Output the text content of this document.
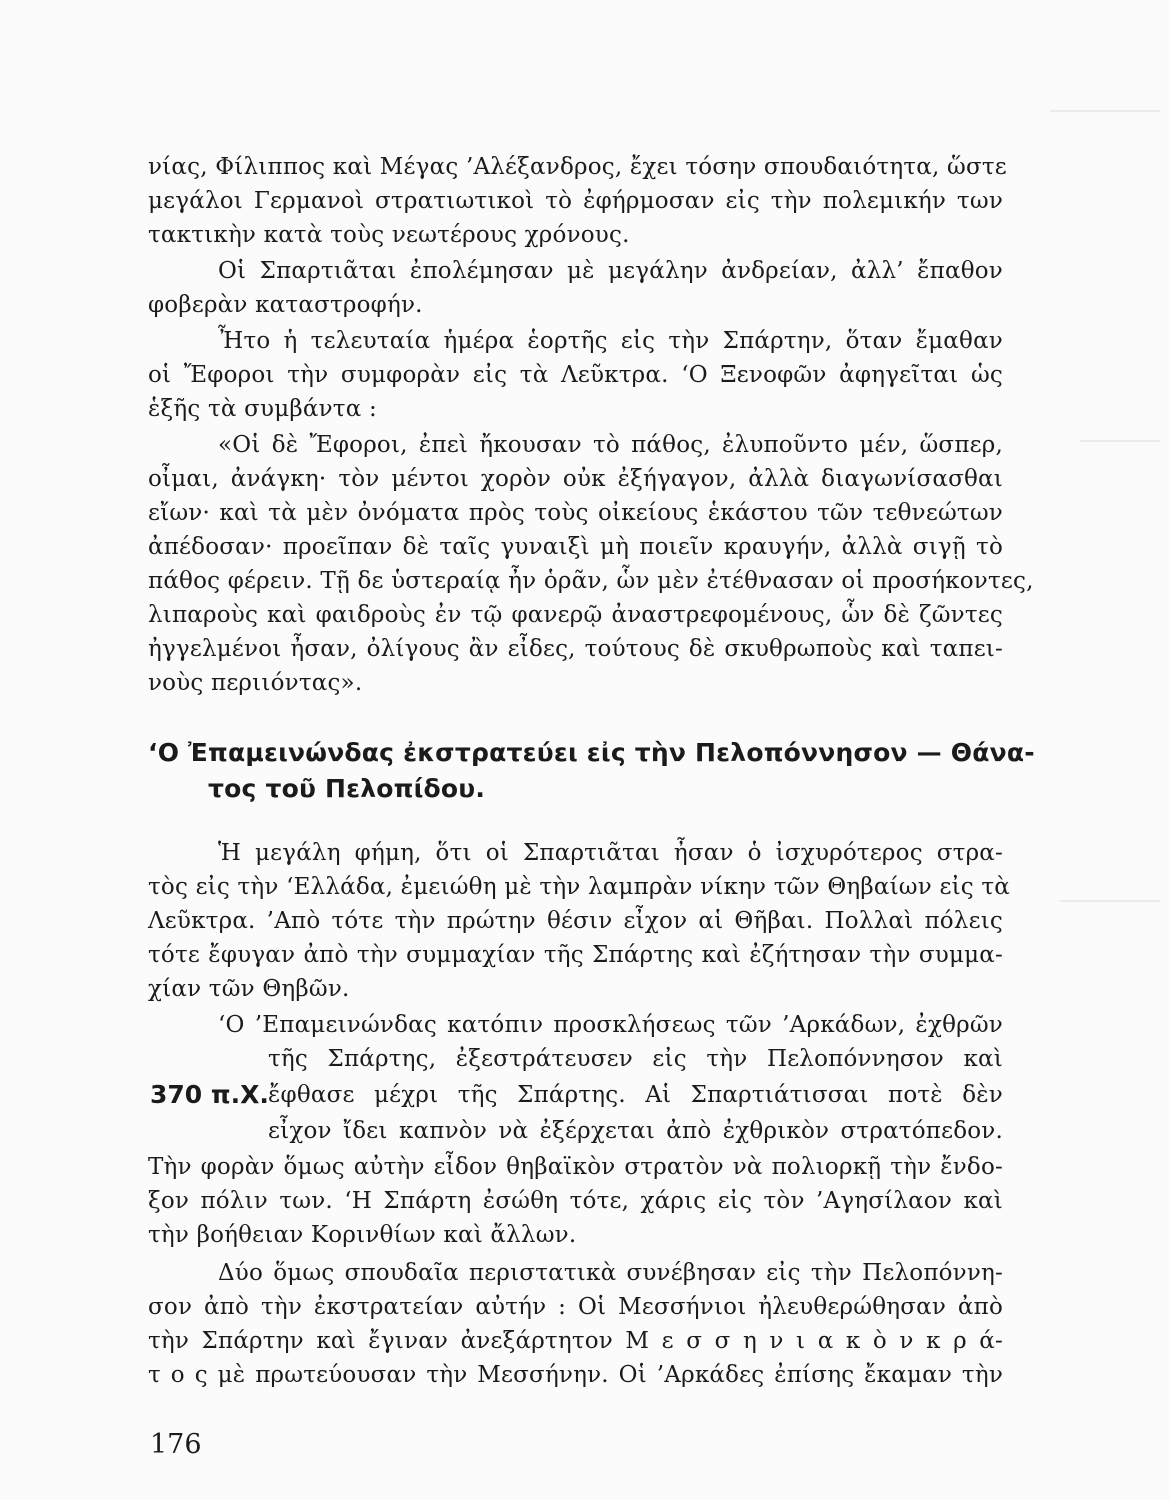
νίας, Φίλιππος καὶ Μέγας ’Αλέξανδρος, ἔχει τόσην σπουδαιότητα, ὥστε
μεγάλοι Γερμανοὶ στρατιωτικοὶ τὸ ἐφήρμοσαν εἰς τὴν πολεμικήν των
τακτικὴν κατὰ τοὺς νεωτέρους χρόνους.
Οἱ Σπαρτιᾶται ἐπολέμησαν μὲ μεγάλην ἀνδρείαν, ἀλλ’ ἔπαθον
φοβερὰν καταστροφήν.
Ἦτο ἡ τελευταία ἡμέρα ἑορτῆς εἰς τὴν Σπάρτην, ὅταν ἔμαθαν
οἱ Ἔφοροι τὴν συμφορὰν εἰς τὰ Λεῦκτρα. ‘Ο Ξενοφῶν ἀφηγεῖται ὡς
ἑξῆς τὰ συμβάντα :
«Οἱ δὲ Ἔφοροι, ἐπεὶ ἤκουσαν τὸ πάθος, ἐλυποῦντο μέν, ὥσπερ,
οἶμαι, ἀνάγκη· τὸν μέντοι χορὸν οὐκ ἐξήγαγον, ἀλλὰ διαγωνίσασθαι
εἴων· καὶ τὰ μὲν ὀνόματα πρὸς τοὺς οἰκείους ἑκάστου τῶν τεθνεώτων
ἀπέδοσαν· προεῖπαν δὲ ταῖς γυναιξὶ μὴ ποιεῖν κραυγήν, ἀλλὰ σιγῇ τὸ
πάθος φέρειν. Τῇ δε ὑστεραίᾳ ἦν ὁρᾶν, ὧν μὲν ἐτέθνασαν οἱ προσήκοντες,
λιπαροὺς καὶ φαιδροὺς ἐν τῷ φανερῷ ἀναστρεφομένους, ὧν δὲ ζῶντες
ἠγγελμένοι ἦσαν, ὀλίγους ἂν εἶδες, τούτους δὲ σκυθρωποὺς καὶ ταπει-
νοὺς περιιόντας».
‘Ο Ἐπαμεινώνδας ἐκστρατεύει εἰς τὴν Πελοπόννησον — Θάνα-
τος τοῦ Πελοπίδου.
Ἡ μεγάλη φήμη, ὅτι οἱ Σπαρτιᾶται ἦσαν ὁ ἰσχυρότερος στρα-
τὸς εἰς τὴν ‘Ελλάδα, ἐμειώθη μὲ τὴν λαμπρὰν νίκην τῶν Θηβαίων εἰς τὰ
Λεῦκτρα. ’Απὸ τότε τὴν πρώτην θέσιν εἶχον αἱ Θῆβαι. Πολλαὶ πόλεις
τότε ἔφυγαν ἀπὸ τὴν συμμαχίαν τῆς Σπάρτης καὶ ἐζήτησαν τὴν συμμα-
χίαν τῶν Θηβῶν.
‘Ο ’Επαμεινώνδας κατόπιν προσκλήσεως τῶν ’Αρκάδων, ἐχθρῶν
τῆς Σπάρτης, ἐξεστράτευσεν εἰς τὴν Πελοπόννησον καὶ
370 π.Χ. ἔφθασε μέχρι τῆς Σπάρτης. Αἱ Σπαρτιάτισσαι ποτὲ δὲν
εἶχον ἴδει καπνὸν νὰ ἐξέρχεται ἀπὸ ἐχθρικὸν στρατόπεδον.
Τὴν φορὰν ὅμως αὐτὴν εἶδον θηβαϊκὸν στρατὸν νὰ πολιορκῇ τὴν ἔνδο-
ξον πόλιν των. ‘Η Σπάρτη ἐσώθη τότε, χάρις εἰς τὸν ’Αγησίλαον καὶ
τὴν βοήθειαν Κορινθίων καὶ ἄλλων.
Δύο ὅμως σπουδαῖα περιστατικὰ συνέβησαν εἰς τὴν Πελοπόννη-
σον ἀπὸ τὴν ἐκστρατείαν αὐτήν : Οἱ Μεσσήνιοι ἠλευθερώθησαν ἀπὸ
τὴν Σπάρτην καὶ ἔγιναν ἀνεξάρτητον Μ ε σ σ η ν ι α κ ὸ ν κ ρ ά-
τ ο ς μὲ πρωτεύουσαν τὴν Μεσσήνην. Οἱ ’Αρκάδες ἐπίσης ἔκαμαν τὴν
176
